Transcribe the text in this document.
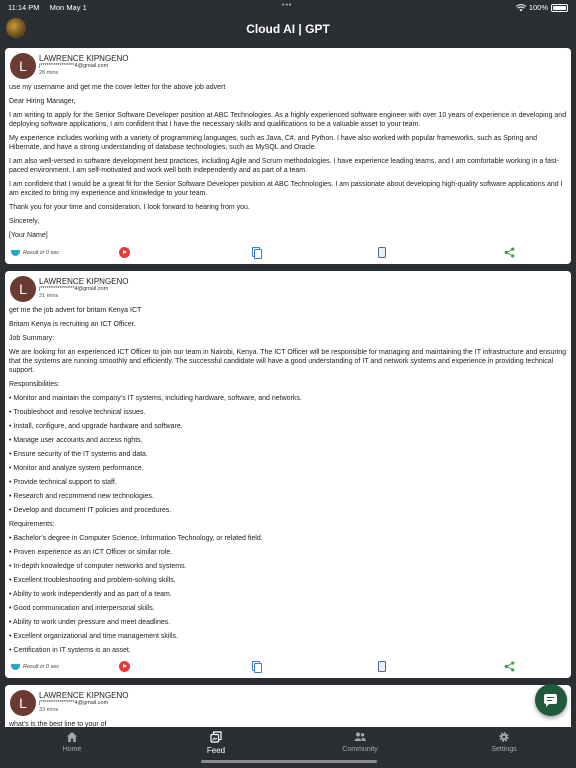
11:14 PM Mon May 1	•••	100%
Cloud AI | GPT
L	LAWRENCE KIPNGENO
j****************4@gmail.com
28 mins

use my username and get me the cover letter for the above job advert

Dear Hiring Manager,

I am writing to apply for the Senior Software Developer position at ABC Technologies. As a highly experienced software engineer with over 10 years of experience in developing and deploying software applications, I am confident that I have the necessary skills and qualifications to be a valuable asset to your team.

My experience includes working with a variety of programming languages, such as Java, C#, and Python. I have also worked with popular frameworks, such as Spring and Hibernate, and have a strong understanding of database technologies, such as MySQL and Oracle.

I am also well-versed in software development best practices, including Agile and Scrum methodologies. I have experience leading teams, and I am comfortable working in a fast-paced environment. I am self-motivated and work well both independently and as part of a team.

I am confident that I would be a great fit for the Senior Software Developer position at ABC Technologies. I am passionate about developing high-quality software applications and I am excited to bring my experience and knowledge to your team.

Thank you for your time and consideration. I look forward to hearing from you.

Sincerely,

[Your Name]

Result in 0 sec
L	LAWRENCE KIPNGENO
j****************4@gmail.com
31 mins

get me the job advert for britam Kenya ICT

Britam Kenya is recruiting an ICT Officer.

Job Summary:

We are looking for an experienced ICT Officer to join our team in Nairobi, Kenya. The ICT Officer will be responsible for managing and maintaining the IT infrastructure and ensuring that the systems are running smoothly and efficiently. The successful candidate will have a good understanding of IT and network systems and experience in providing technical support.

Responsibilities:

• Monitor and maintain the company’s IT systems, including hardware, software, and networks.

• Troubleshoot and resolve technical issues.

• Install, configure, and upgrade hardware and software.

• Manage user accounts and access rights.

• Ensure security of the IT systems and data.

• Monitor and analyze system performance.

• Provide technical support to staff.

• Research and recommend new technologies.

• Develop and document IT policies and procedures.

Requirements:

• Bachelor’s degree in Computer Science, Information Technology, or related field.

• Proven experience as an ICT Officer or similar role.

• In-depth knowledge of computer networks and systems.

• Excellent troubleshooting and problem-solving skills.

• Ability to work independently and as part of a team.

• Good communication and interpersonal skills.

• Ability to work under pressure and meet deadlines.

• Excellent organizational and time management skills.

• Certification in IT systems is an asset.

Result in 0 sec
L	LAWRENCE KIPNGENO
j****************4@gmail.com
33 mins

what's is the best line to your of

Home	Feed	Community	Settings
